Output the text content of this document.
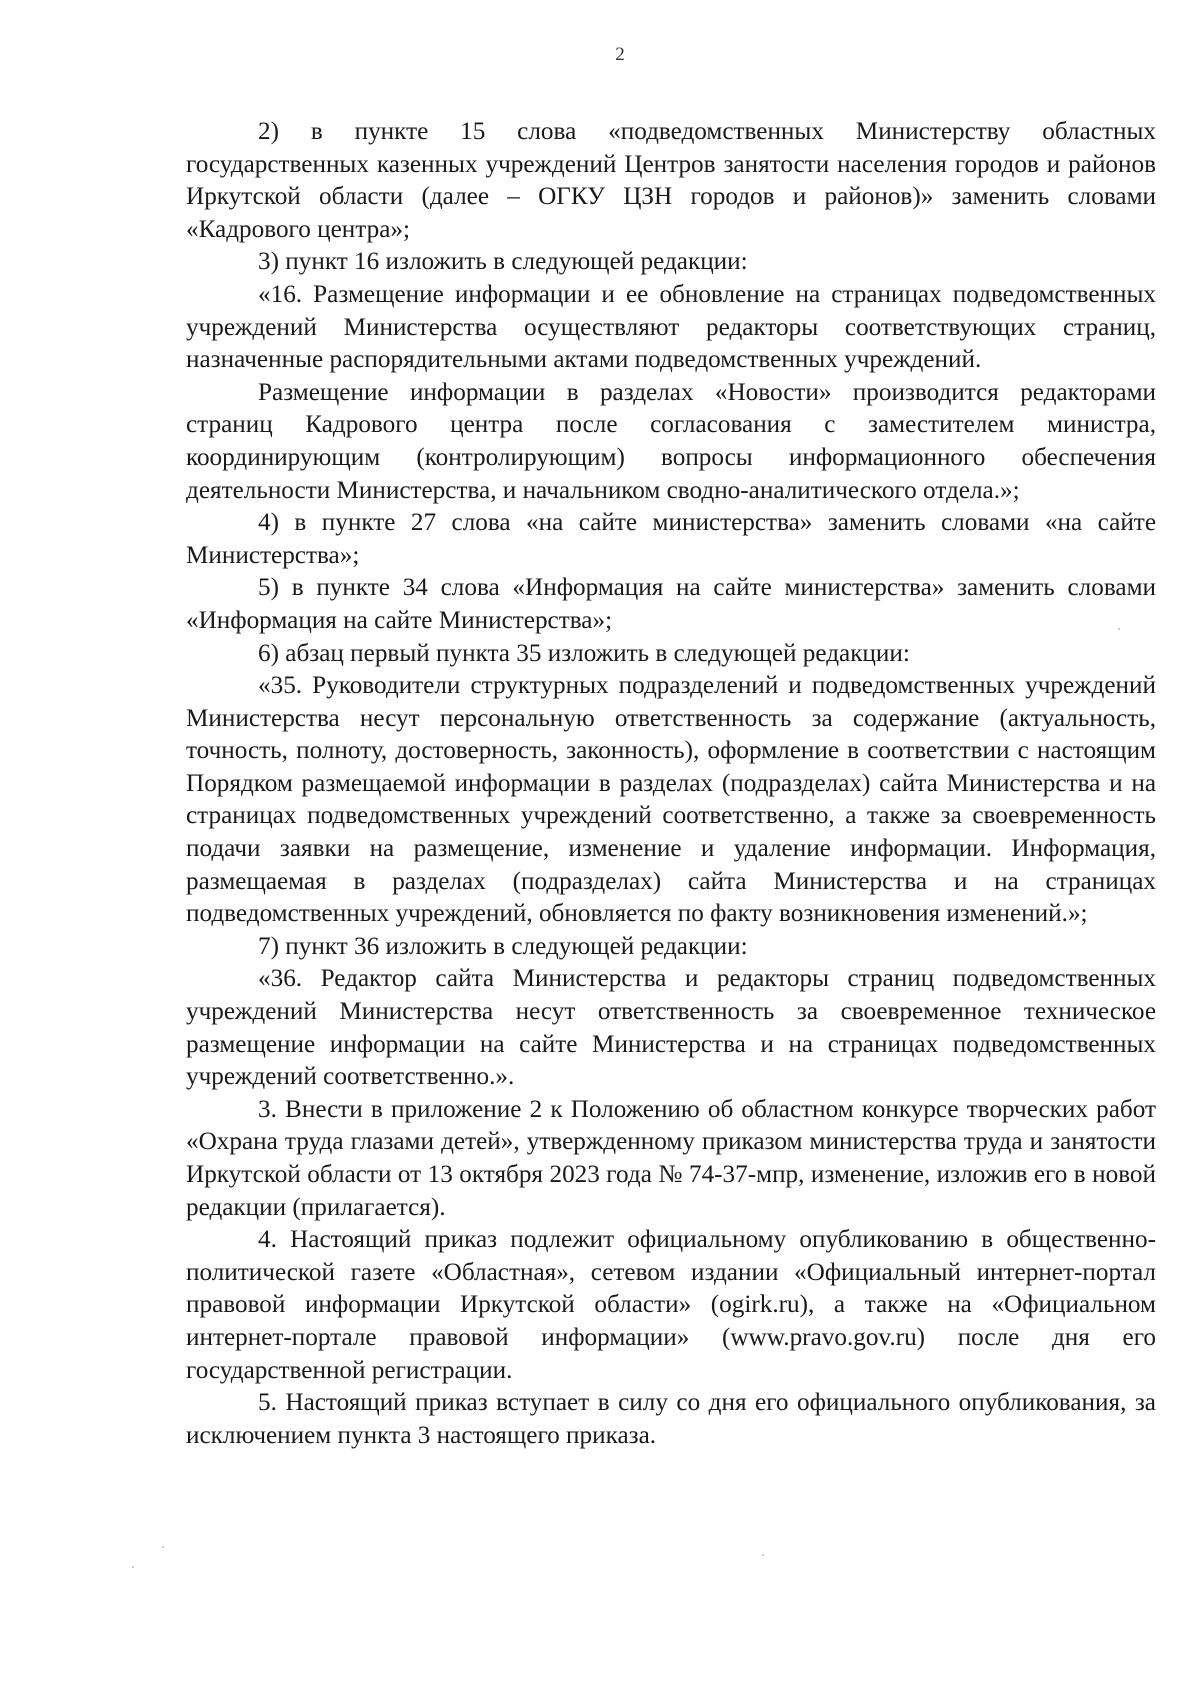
2

2) в пункте 15 слова «подведомственных Министерству областных государственных казенных учреждений Центров занятости населения городов и районов Иркутской области (далее – ОГКУ ЦЗН городов и районов)» заменить словами «Кадрового центра»;

3) пункт 16 изложить в следующей редакции:

«16. Размещение информации и ее обновление на страницах подведомственных учреждений Министерства осуществляют редакторы соответствующих страниц, назначенные распорядительными актами подведомственных учреждений.

Размещение информации в разделах «Новости» производится редакторами страниц Кадрового центра после согласования с заместителем министра, координирующим (контролирующим) вопросы информационного обеспечения деятельности Министерства, и начальником сводно-аналитического отдела.»;

4) в пункте 27 слова «на сайте министерства» заменить словами «на сайте Министерства»;

5) в пункте 34 слова «Информация на сайте министерства» заменить словами «Информация на сайте Министерства»;

6) абзац первый пункта 35 изложить в следующей редакции:

«35. Руководители структурных подразделений и подведомственных учреждений Министерства несут персональную ответственность за содержание (актуальность, точность, полноту, достоверность, законность), оформление в соответствии с настоящим Порядком размещаемой информации в разделах (подразделах) сайта Министерства и на страницах подведомственных учреждений соответственно, а также за своевременность подачи заявки на размещение, изменение и удаление информации. Информация, размещаемая в разделах (подразделах) сайта Министерства и на страницах подведомственных учреждений, обновляется по факту возникновения изменений.»;

7) пункт 36 изложить в следующей редакции:

«36. Редактор сайта Министерства и редакторы страниц подведомственных учреждений Министерства несут ответственность за своевременное техническое размещение информации на сайте Министерства и на страницах подведомственных учреждений соответственно.».

3. Внести в приложение 2 к Положению об областном конкурсе творческих работ «Охрана труда глазами детей», утвержденному приказом министерства труда и занятости Иркутской области от 13 октября 2023 года № 74-37-мпр, изменение, изложив его в новой редакции (прилагается).

4. Настоящий приказ подлежит официальному опубликованию в общественно-политической газете «Областная», сетевом издании «Официальный интернет-портал правовой информации Иркутской области» (ogirk.ru), а также на «Официальном интернет-портале правовой информации» (www.pravo.gov.ru) после дня его государственной регистрации.

5. Настоящий приказ вступает в силу со дня его официального опубликования, за исключением пункта 3 настоящего приказа.
